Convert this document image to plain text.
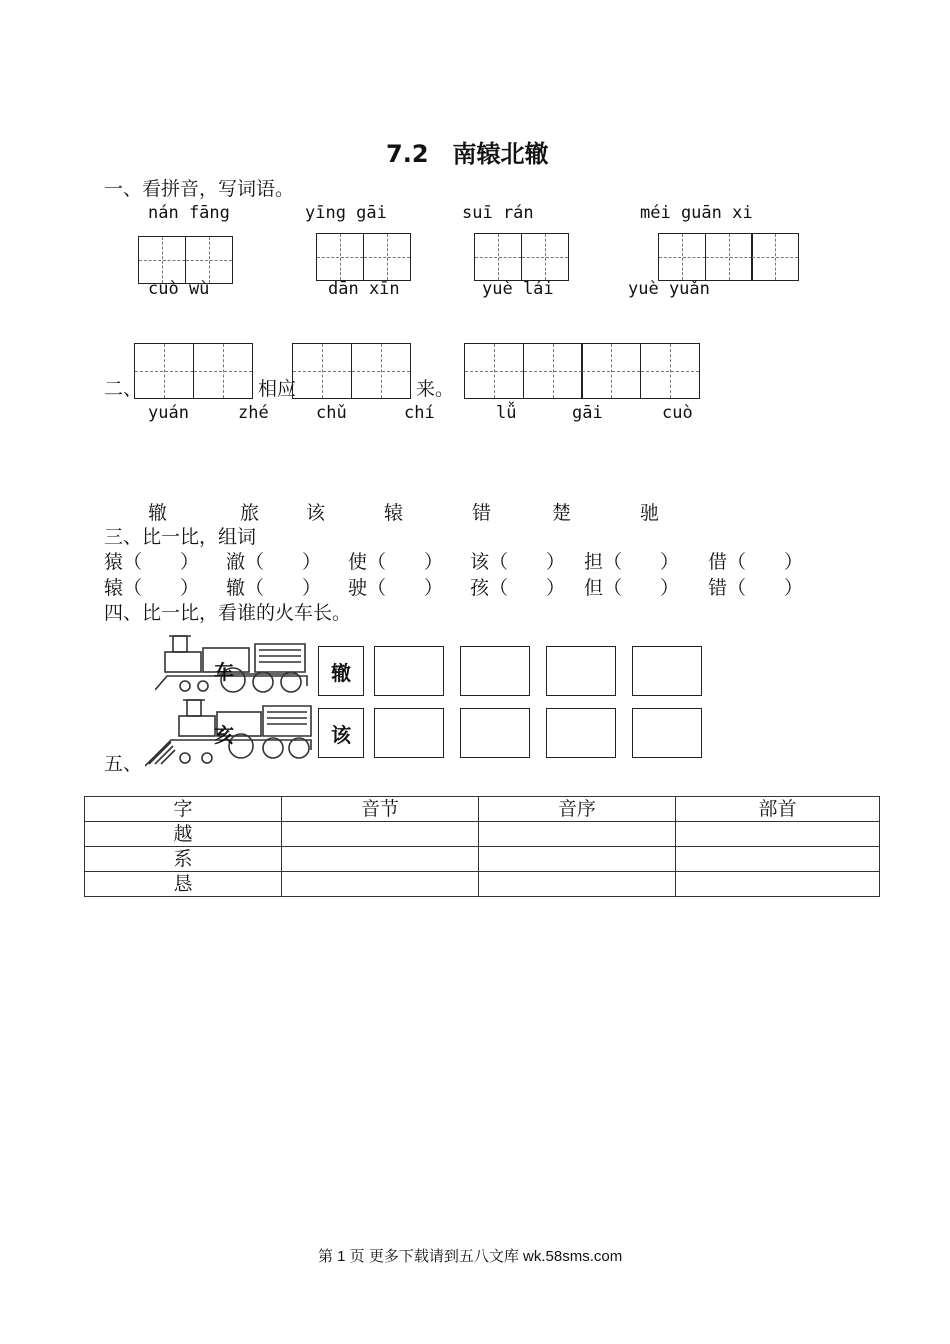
7.2　南辕北辙
一、看拼音，写词语。
nán fāng	yīng gāi	suī rán	méi guān xi
cuò wù	dān xīn	yuè lái	yuè yuǎn
二、	相应	来。
yuán	zhé	chǔ	chí	lǚ	gāi	cuò
辙	旅 该	辕	错	楚	驰
三、比一比，组词
猿（　　） 澈（　　） 使（　　） 该（　　） 担（　　） 借（　　）
辕（　　） 辙（　　） 驶（　　） 孩（　　） 但（　　） 错（　　）
四、比一比，看谁的火车长。
车	辙
亥	该
五、
字	音节	音序	部首
越			
系			
恳			
第 1 页 更多下载请到五八文库 wk.58sms.com
